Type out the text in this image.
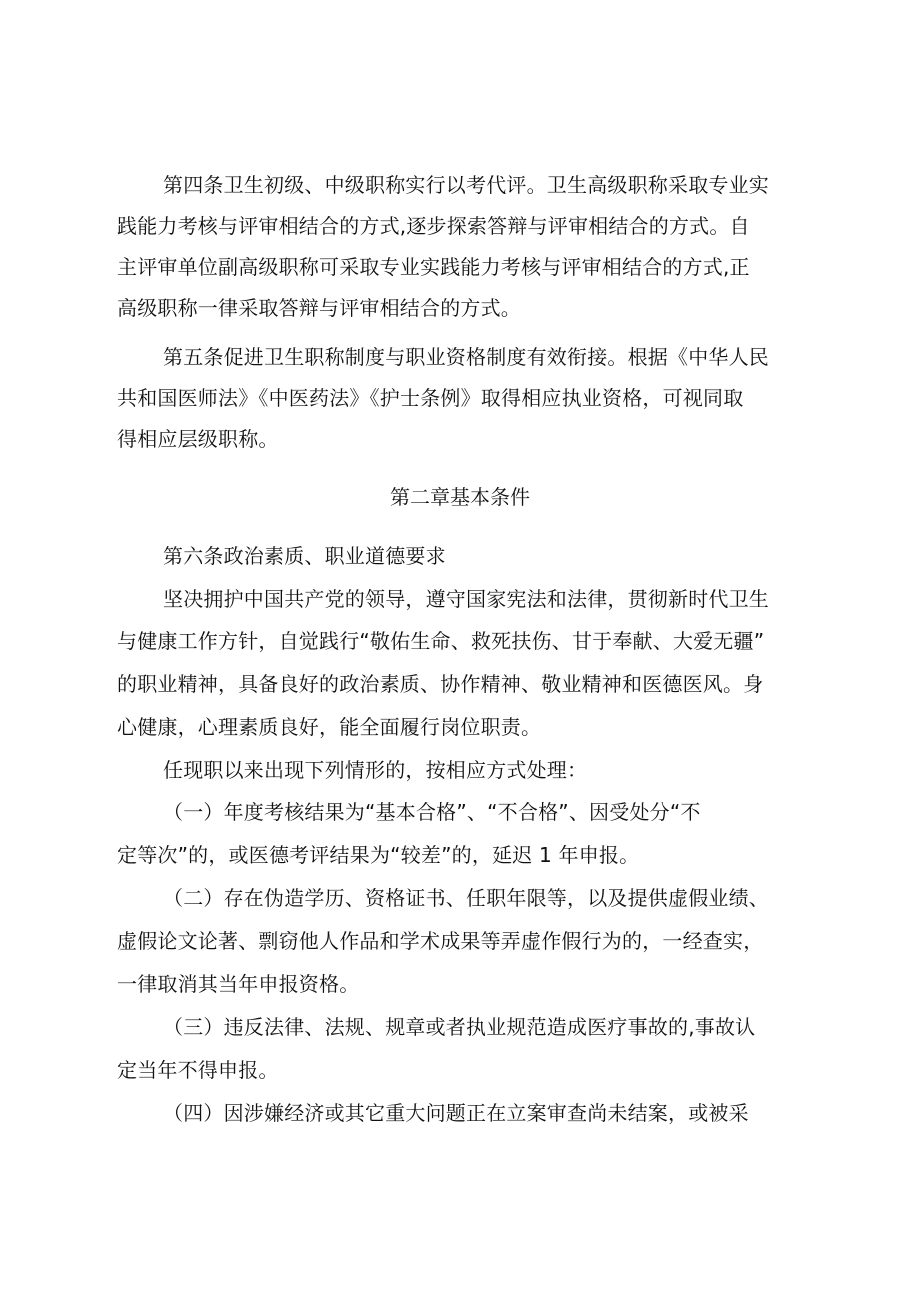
第四条卫生初级、中级职称实行以考代评。卫生高级职称采取专业实
践能力考核与评审相结合的方式,逐步探索答辩与评审相结合的方式。自
主评审单位副高级职称可采取专业实践能力考核与评审相结合的方式,正
高级职称一律采取答辩与评审相结合的方式。
第五条促进卫生职称制度与职业资格制度有效衔接。根据《中华人民
共和国医师法》《中医药法》《护士条例》取得相应执业资格，可视同取
得相应层级职称。
第二章基本条件
第六条政治素质、职业道德要求
坚决拥护中国共产党的领导，遵守国家宪法和法律，贯彻新时代卫生
与健康工作方针，自觉践行“敬佑生命、救死扶伤、甘于奉献、大爱无疆”
的职业精神，具备良好的政治素质、协作精神、敬业精神和医德医风。身
心健康，心理素质良好，能全面履行岗位职责。
任现职以来出现下列情形的，按相应方式处理：
（一）年度考核结果为“基本合格”、“不合格”、因受处分“不
定等次”的，或医德考评结果为“较差”的，延迟 1 年申报。
（二）存在伪造学历、资格证书、任职年限等，以及提供虚假业绩、
虚假论文论著、剽窃他人作品和学术成果等弄虚作假行为的，一经查实，
一律取消其当年申报资格。
（三）违反法律、法规、规章或者执业规范造成医疗事故的,事故认
定当年不得申报。
（四）因涉嫌经济或其它重大问题正在立案审查尚未结案，或被采
